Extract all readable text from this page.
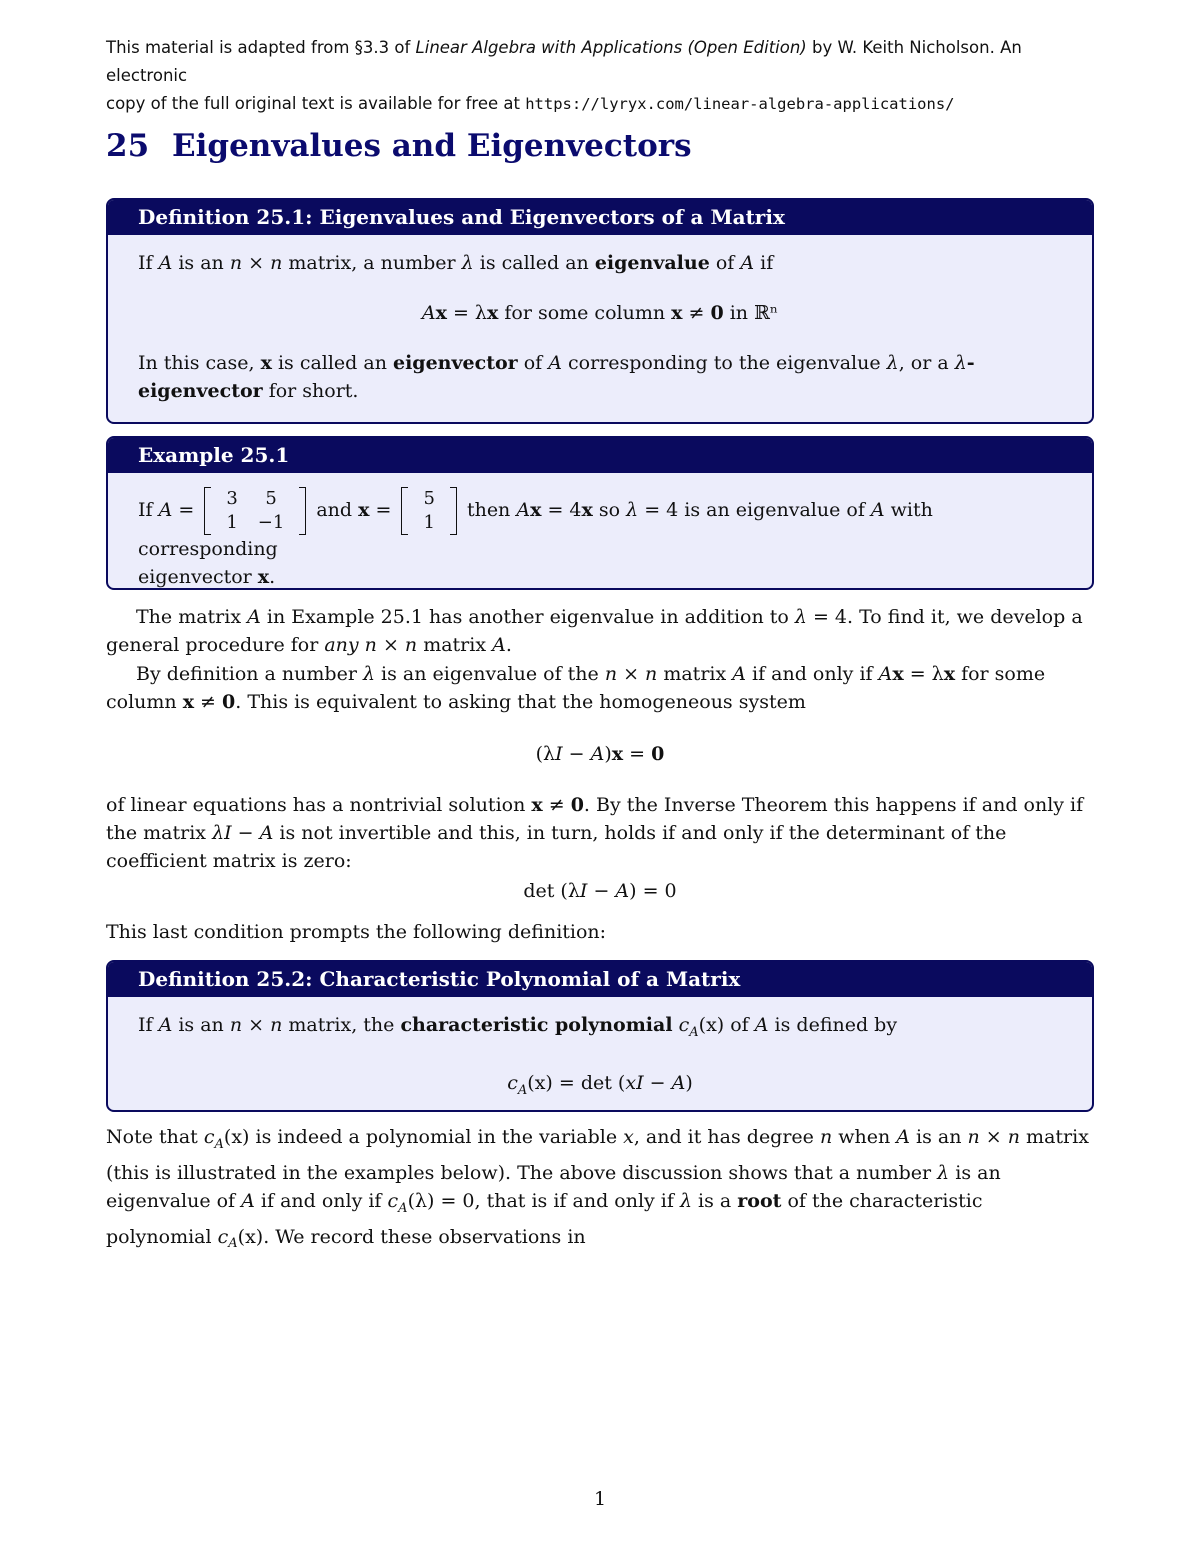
This material is adapted from §3.3 of Linear Algebra with Applications (Open Edition) by W. Keith Nicholson. An electronic
copy of the full original text is available for free at https://lyryx.com/linear-algebra-applications/
25 Eigenvalues and Eigenvectors
Definition 25.1: Eigenvalues and Eigenvectors of a Matrix
If A is an n × n matrix, a number λ is called an eigenvalue of A if
Ax = λx for some column x ≠ 0 in ℝⁿ
In this case, x is called an eigenvector of A corresponding to the eigenvalue λ, or a λ-eigenvector for short.
Example 25.1
If A =
3	5
1	−1
and x =
5
1
then Ax = 4x so λ = 4 is an eigenvalue of A with corresponding
eigenvector x.
The matrix A in Example 25.1 has another eigenvalue in addition to λ = 4. To find it, we develop a general procedure for any n × n matrix A.
By definition a number λ is an eigenvalue of the n × n matrix A if and only if Ax = λx for some column x ≠ 0. This is equivalent to asking that the homogeneous system
(λI − A)x = 0
of linear equations has a nontrivial solution x ≠ 0. By the Inverse Theorem this happens if and only if the matrix λI − A is not invertible and this, in turn, holds if and only if the determinant of the coefficient matrix is zero:
det (λI − A) = 0
This last condition prompts the following definition:
Definition 25.2: Characteristic Polynomial of a Matrix
If A is an n × n matrix, the characteristic polynomial $c_A(x)$ of A is defined by
$c_A(x) = \det (xI - A)$
Note that $c_A(x)$ is indeed a polynomial in the variable x, and it has degree n when A is an n × n matrix (this is illustrated in the examples below). The above discussion shows that a number λ is an eigenvalue of A if and only if $c_A(\lambda) = 0$, that is if and only if λ is a root of the characteristic polynomial $c_A(x)$. We record these observations in
1
